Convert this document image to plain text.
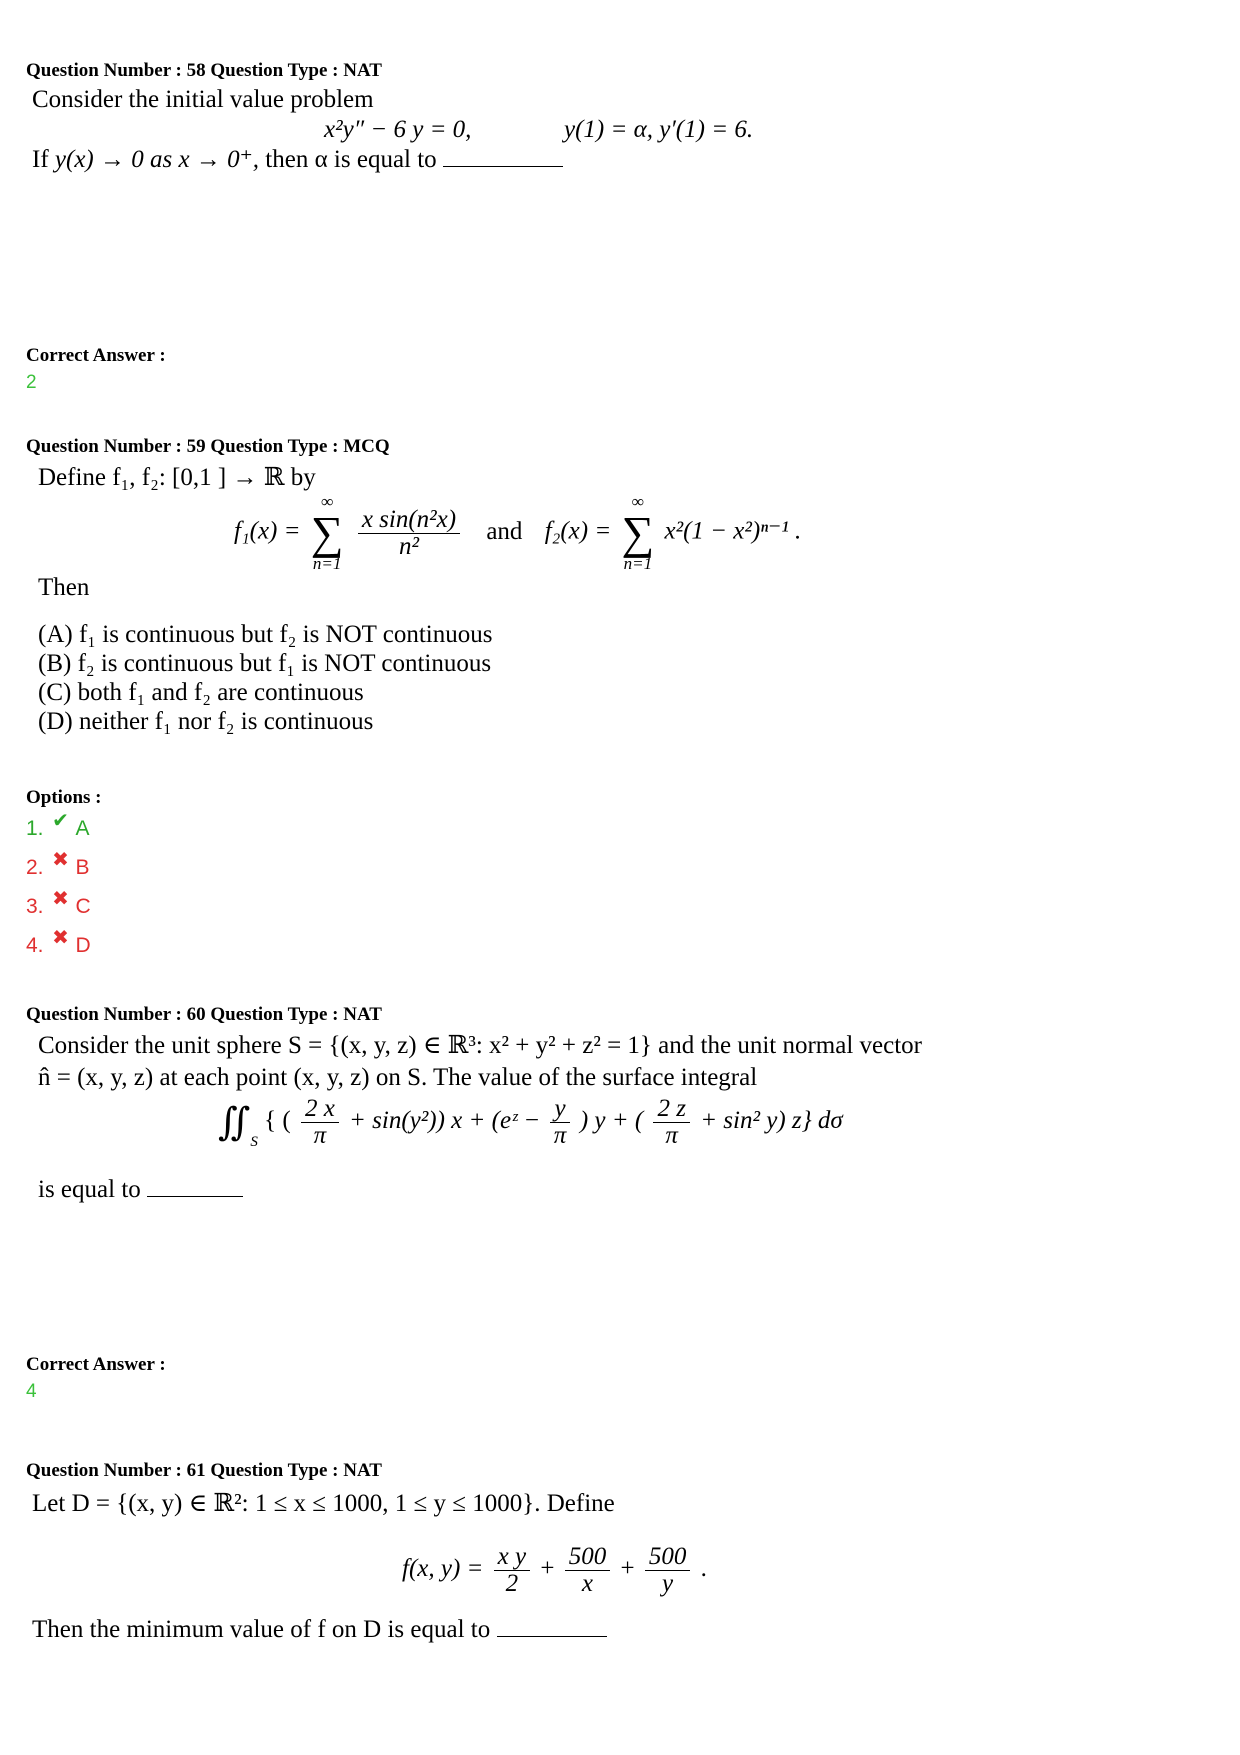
Question Number : 58 Question Type : NAT
Consider the initial value problem
x²y″ − 6 y = 0,	y(1) = α, y′(1) = 6.
If y(x) → 0 as x → 0⁺, then α is equal to
Correct Answer :
2
Question Number : 59 Question Type : MCQ
Define f₁, f₂: [0,1 ] → ℝ by
f₁(x) =
∞
∑
n=1

$\frac{\text{x sin(n²x)}}{\text{n²}}$ and f₂(x) =
∞
∑
n=1
x²(1 − x²)ⁿ⁻¹ .
Then
(A) f₁ is continuous but f₂ is NOT continuous
(B) f₂ is continuous but f₁ is NOT continuous
(C) both f₁ and f₂ are continuous
(D) neither f₁ nor f₂ is continuous
Options :
1. ✔ A
2. ✖ B
3. ✖ C
4. ✖ D
Question Number : 60 Question Type : NAT
Consider the unit sphere S = {(x, y, z) ∈ ℝ³: x² + y² + z² = 1} and the unit normal vector
n̂ = (x, y, z) at each point (x, y, z) on S. The value of the surface integral
$∬_S$ { ( $\frac{2 x}{\pi} + \sin(y^2)$) x + (eᶻ − $\frac{y}{\pi}$ ) y + ( $\frac{2 z}{\pi} + \sin^2$ y) z} dσ
is equal to
Correct Answer :
4
Question Number : 61 Question Type : NAT
Let D = {(x, y) ∈ ℝ²: 1 ≤ x ≤ 1000, 1 ≤ y ≤ 1000}. Define
f(x, $y) = \frac{\text{x y}}{2} + \frac{500}{x} + \frac{500}{y}$ .
Then the minimum value of f on D is equal to
